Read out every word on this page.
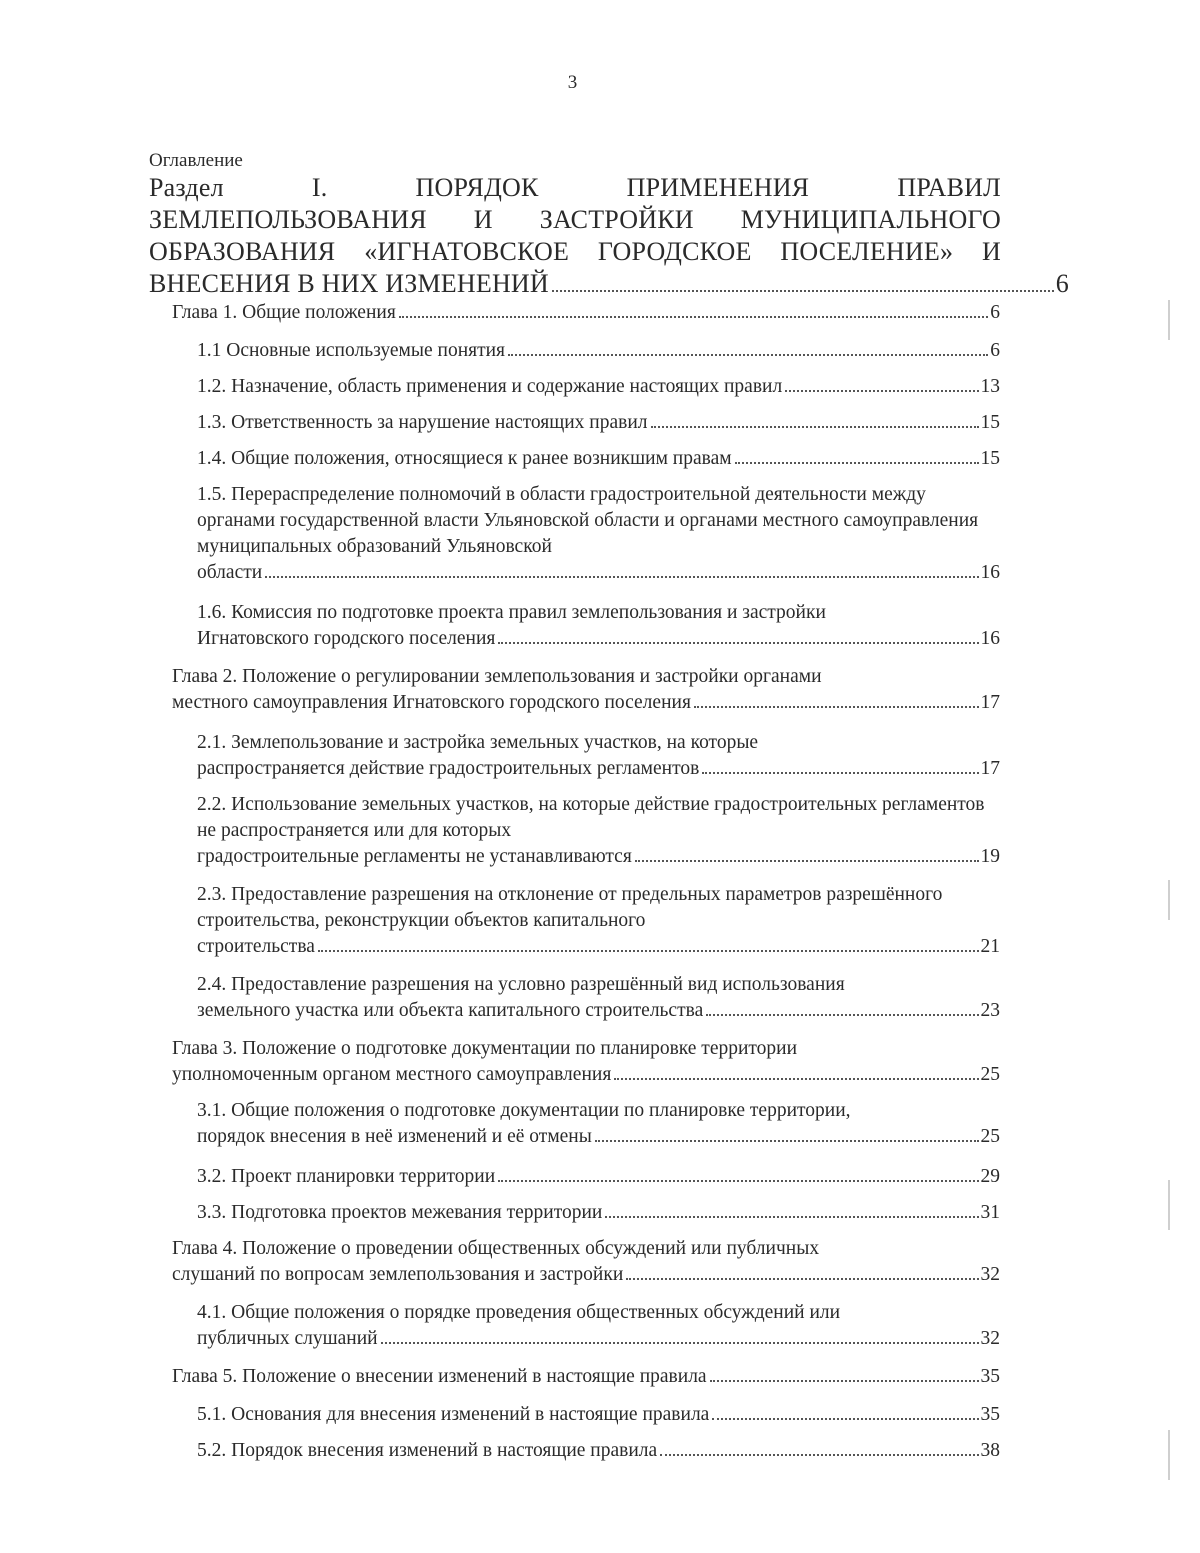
3
Оглавление
Раздел I. ПОРЯДОК ПРИМЕНЕНИЯ ПРАВИЛ
ЗЕМЛЕПОЛЬЗОВАНИЯ И ЗАСТРОЙКИ МУНИЦИПАЛЬНОГО
ОБРАЗОВАНИЯ «ИГНАТОВСКОЕ ГОРОДСКОЕ ПОСЕЛЕНИЕ» И
ВНЕСЕНИЯ В НИХ ИЗМЕНЕНИЙ	6
Глава 1. Общие положения	6
1.1 Основные используемые понятия	6
1.2. Назначение, область применения и содержание настоящих правил	13
1.3. Ответственность за нарушение настоящих правил	15
1.4. Общие положения, относящиеся к ранее возникшим правам	15
1.5. Перераспределение полномочий в области градостроительной деятельности между органами государственной власти Ульяновской области и органами местного самоуправления муниципальных образований Ульяновской
области	16
1.6. Комиссия по подготовке проекта правил землепользования и застройки
Игнатовского городского поселения	16
Глава 2. Положение о регулировании землепользования и застройки органами
местного самоуправления Игнатовского городского поселения	17
2.1. Землепользование и застройка земельных участков, на которые
распространяется действие градостроительных регламентов	17
2.2. Использование земельных участков, на которые действие градостроительных регламентов не распространяется или для которых
градостроительные регламенты не устанавливаются	19
2.3. Предоставление разрешения на отклонение от предельных параметров разрешённого строительства, реконструкции объектов капитального
строительства	21
2.4. Предоставление разрешения на условно разрешённый вид использования
земельного участка или объекта капитального строительства	23
Глава 3. Положение о подготовке документации по планировке территории
уполномоченным органом местного самоуправления	25
3.1. Общие положения о подготовке документации по планировке территории,
порядок внесения в неё изменений и её отмены	25
3.2. Проект планировки территории	29
3.3. Подготовка проектов межевания территории	31
Глава 4. Положение о проведении общественных обсуждений или публичных
слушаний по вопросам землепользования и застройки	32
4.1. Общие положения о порядке проведения общественных обсуждений или
публичных слушаний	32
Глава 5. Положение о внесении изменений в настоящие правила	35
5.1. Основания для внесения изменений в настоящие правила	35
5.2. Порядок внесения изменений в настоящие правила	38
